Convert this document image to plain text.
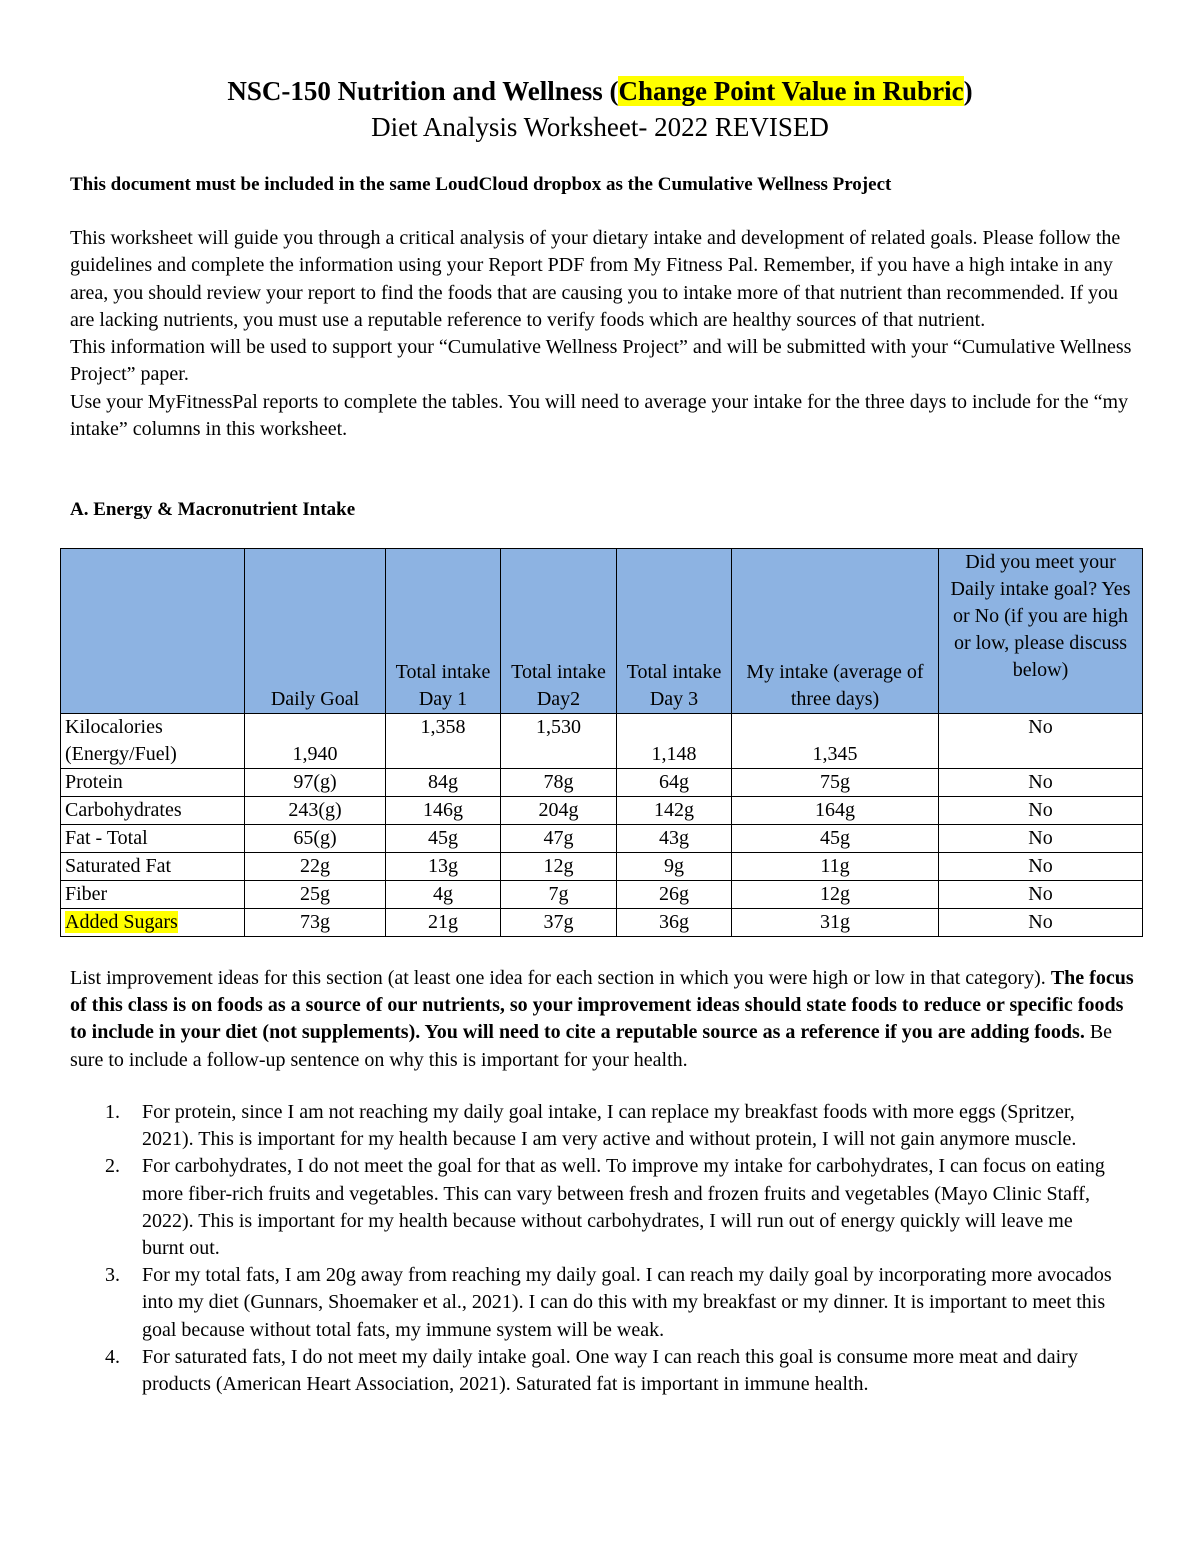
NSC-150 Nutrition and Wellness (Change Point Value in Rubric)
Diet Analysis Worksheet- 2022 REVISED
This document must be included in the same LoudCloud dropbox as the Cumulative Wellness Project

This worksheet will guide you through a critical analysis of your dietary intake and development of related goals. Please follow the guidelines and complete the information using your Report PDF from My Fitness Pal. Remember, if you have a high intake in any area, you should review your report to find the foods that are causing you to intake more of that nutrient than recommended. If you are lacking nutrients, you must use a reputable reference to verify foods which are healthy sources of that nutrient.

This information will be used to support your “Cumulative Wellness Project” and will be submitted with your “Cumulative Wellness Project” paper.

Use your MyFitnessPal reports to complete the tables. You will need to average your intake for the three days to include for the “my intake” columns in this worksheet.

A. Energy & Macronutrient Intake
	Daily Goal	Total intake Day 1	Total intake Day2	Total intake Day 3	My intake (average of three days)	Did you meet your Daily intake goal? Yes or No (if you are high or low, please discuss below)
Kilocalories
(Energy/Fuel)	1,940	1,358	1,530	1,148	1,345	No
Protein	97(g)	84g	78g	64g	75g	No
Carbohydrates	243(g)	146g	204g	142g	164g	No
Fat - Total	65(g)	45g	47g	43g	45g	No
Saturated Fat	22g	13g	12g	9g	11g	No
Fiber	25g	4g	7g	26g	12g	No
Added Sugars	73g	21g	37g	36g	31g	No
List improvement ideas for this section (at least one idea for each section in which you were high or low in that category). The focus of this class is on foods as a source of our nutrients, so your improvement ideas should state foods to reduce or specific foods to include in your diet (not supplements). You will need to cite a reputable source as a reference if you are adding foods. Be sure to include a follow-up sentence on why this is important for your health.
1. For protein, since I am not reaching my daily goal intake, I can replace my breakfast foods with more eggs (Spritzer, 2021). This is important for my health because I am very active and without protein, I will not gain anymore muscle.
2. For carbohydrates, I do not meet the goal for that as well. To improve my intake for carbohydrates, I can focus on eating more fiber-rich fruits and vegetables. This can vary between fresh and frozen fruits and vegetables (Mayo Clinic Staff, 2022). This is important for my health because without carbohydrates, I will run out of energy quickly will leave me burnt out.
3. For my total fats, I am 20g away from reaching my daily goal. I can reach my daily goal by incorporating more avocados into my diet (Gunnars, Shoemaker et al., 2021). I can do this with my breakfast or my dinner. It is important to meet this goal because without total fats, my immune system will be weak.
4. For saturated fats, I do not meet my daily intake goal. One way I can reach this goal is consume more meat and dairy products (American Heart Association, 2021). Saturated fat is important in immune health.
